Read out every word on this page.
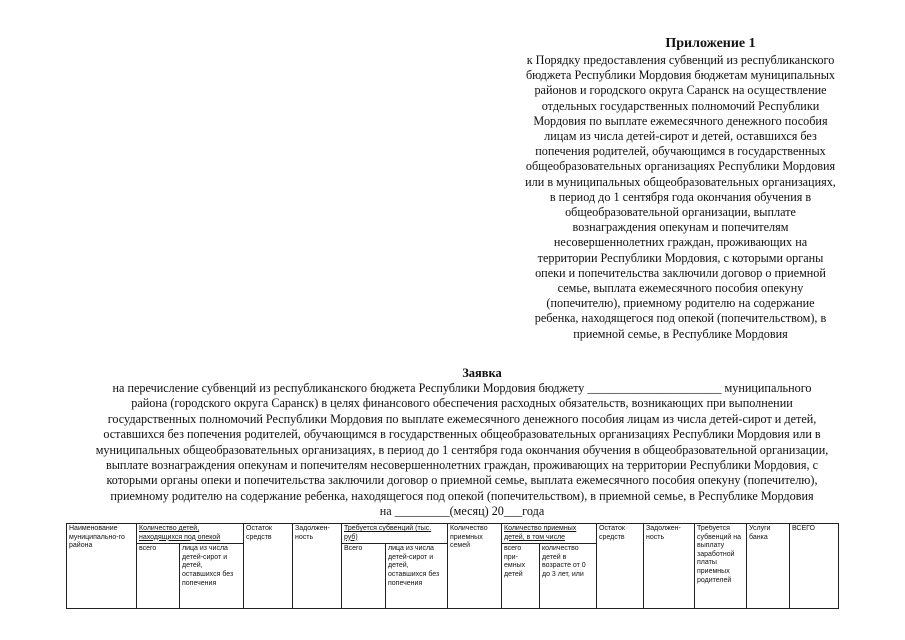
Приложение 1
к Порядку предоставления субвенций из республиканского
бюджета Республики Мордовия бюджетам муниципальных
районов и городского округа Саранск на осуществление
отдельных государственных полномочий Республики
Мордовия по выплате ежемесячного денежного пособия
лицам из числа детей-сирот и детей, оставшихся без
попечения родителей, обучающимся в государственных
общеобразовательных организациях Республики Мордовия
или в муниципальных общеобразовательных организациях,
в период до 1 сентября года окончания обучения в
общеобразовательной организации, выплате
вознаграждения опекунам и попечителям
несовершеннолетних граждан, проживающих на
территории Республики Мордовия, с которыми органы
опеки и попечительства заключили договор о приемной
семье, выплата ежемесячного пособия опекуну
(попечителю), приемному родителю на содержание
ребенка, находящегося под опекой (попечительством), в
приемной семье, в Республике Мордовия
Заявка
на перечисление субвенций из республиканского бюджета Республики Мордовия бюджету ______________________ муниципального
района (городского округа Саранск) в целях финансового обеспечения расходных обязательств, возникающих при выполнении
государственных полномочий Республики Мордовия по выплате ежемесячного денежного пособия лицам из числа детей-сирот и детей,
оставшихся без попечения родителей, обучающимся в государственных общеобразовательных организациях Республики Мордовия или в
муниципальных общеобразовательных организациях, в период до 1 сентября года окончания обучения в общеобразовательной организации,
выплате вознаграждения опекунам и попечителям несовершеннолетних граждан, проживающих на территории Республики Мордовия, с
которыми органы опеки и попечительства заключили договор о приемной семье, выплата ежемесячного пособия опекуну (попечителю),
приемному родителю на содержание ребенка, находящегося под опекой (попечительством), в приемной семье, в Республике Мордовия
на _________(месяц) 20___года
Наименование муниципально-го района	Количество детей, находящихся под опекой		Остаток средств	Задолжен-ность	Требуется субвенций (тыс. руб)		Количество приемных семей	Количество приемных детей, в том числе		Остаток средств	Задолжен-ность	Требуется субвенций на выплату заработной платы приемных родителей	Услуги банка	ВСЕГО
	всего	лица из числа детей-сирот и детей, оставшихся без попечения			Всего	лица из числа детей-сирот и детей, оставшихся без попечения		всего при-емных детей	количество детей в возрасте от 0 до 3 лет, или					
